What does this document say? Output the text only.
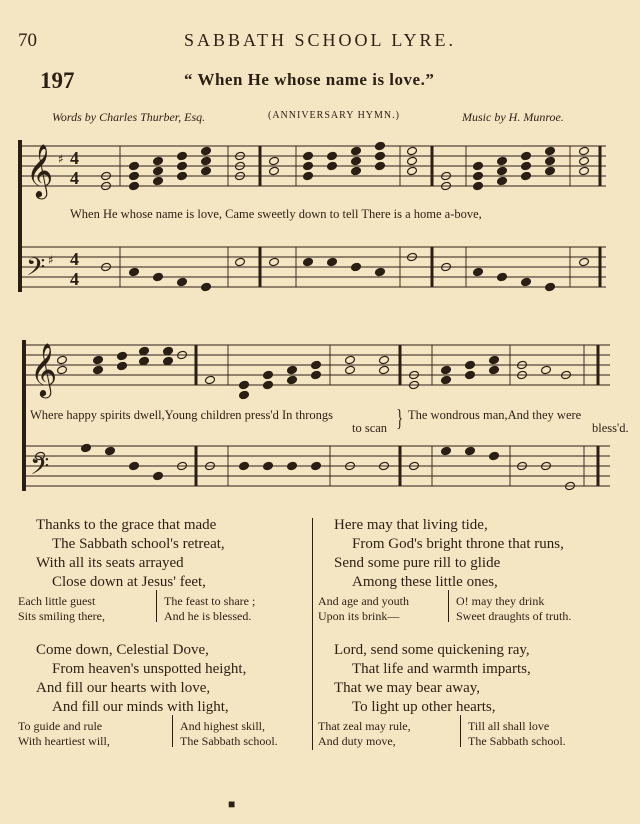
70	SABBATH SCHOOL LYRE.
197	“ When He whose name is love.”
Words by Charles Thurber, Esq.	(ANNIVERSARY HYMN.)	Music by H. Munroe.
𝄞
𝄢
♯
♯
𝄞
𝄢
4
4
4
4
When He whose name is love, Came sweetly down to tell There is a home a-bove,
Where happy spirits dwell,Young children press'd In throngs
to scan } The wondrous man,And they were
bless'd.
Thanks to the grace that made
The Sabbath school's retreat,
With all its seats arrayed
Close down at Jesus' feet,
Each little guest
Sits smiling there,
The feast to share ;
And he is blessed.
Here may that living tide,
From God's bright throne that runs,
Send some pure rill to glide
Among these little ones,
And age and youth
Upon its brink—
O! may they drink
Sweet draughts of truth.
Come down, Celestial Dove,
From heaven's unspotted height,
And fill our hearts with love,
And fill our minds with light,
To guide and rule
With heartiest will,
And highest skill,
The Sabbath school.
Lord, send some quickening ray,
That life and warmth imparts,
That we may bear away,
To light up other hearts,
That zeal may rule,
And duty move,
Till all shall love
The Sabbath school.
■
